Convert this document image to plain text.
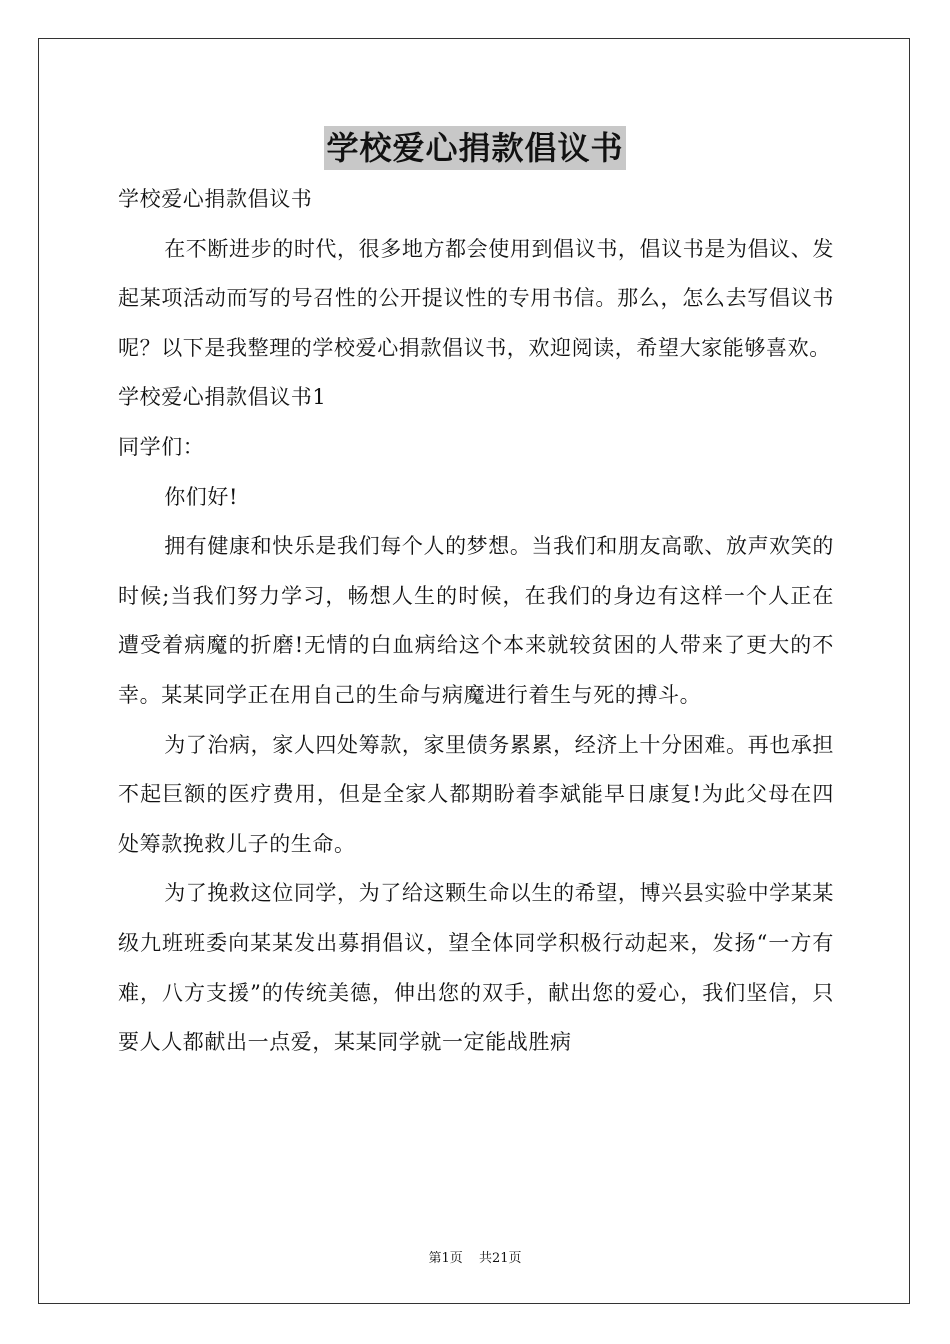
学校爱心捐款倡议书

学校爱心捐款倡议书

在不断进步的时代，很多地方都会使用到倡议书，倡议书是为倡议、发起某项活动而写的号召性的公开提议性的专用书信。那么，怎么去写倡议书呢？以下是我整理的学校爱心捐款倡议书，欢迎阅读，希望大家能够喜欢。

学校爱心捐款倡议书1

同学们：

你们好!

拥有健康和快乐是我们每个人的梦想。当我们和朋友高歌、放声欢笑的时候;当我们努力学习，畅想人生的时候，在我们的身边有这样一个人正在遭受着病魔的折磨!无情的白血病给这个本来就较贫困的人带来了更大的不幸。某某同学正在用自己的生命与病魔进行着生与死的搏斗。

为了治病，家人四处筹款，家里债务累累，经济上十分困难。再也承担不起巨额的医疗费用，但是全家人都期盼着李斌能早日康复!为此父母在四处筹款挽救儿子的生命。

为了挽救这位同学，为了给这颗生命以生的希望，博兴县实验中学某某级九班班委向某某发出募捐倡议，望全体同学积极行动起来，发扬“一方有难，八方支援”的传统美德，伸出您的双手，献出您的爱心，我们坚信，只要人人都献出一点爱，某某同学就一定能战胜病

第1页 共21页
